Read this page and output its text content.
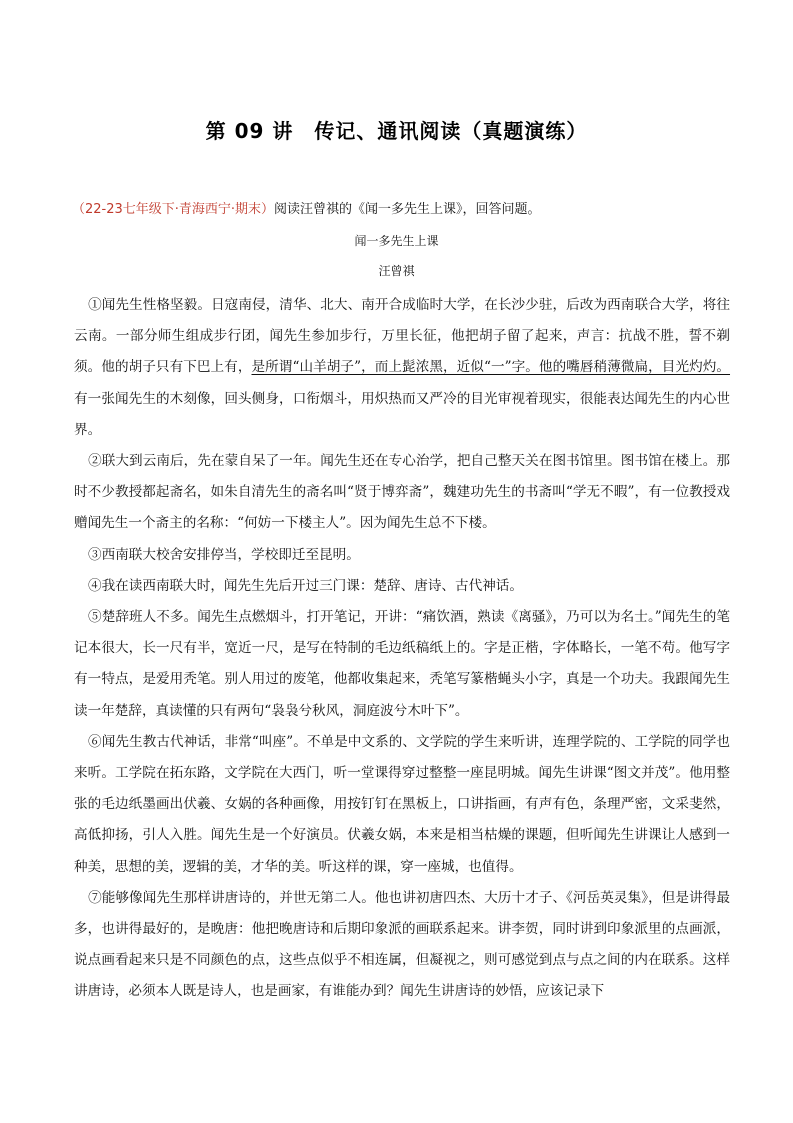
第 09 讲　传记、通讯阅读（真题演练）
（22-23七年级下·青海西宁·期末）阅读汪曾祺的《闻一多先生上课》，回答问题。
闻一多先生上课
汪曾祺

①闻先生性格坚毅。日寇南侵，清华、北大、南开合成临时大学，在长沙少驻，后改为西南联合大学，将往云南。一部分师生组成步行团，闻先生参加步行，万里长征，他把胡子留了起来，声言：抗战不胜，誓不剃须。他的胡子只有下巴上有，是所谓“山羊胡子”，而上髭浓黑，近似“一”字。他的嘴唇稍薄微扁，目光灼灼。有一张闻先生的木刻像，回头侧身，口衔烟斗，用炽热而又严冷的目光审视着现实，很能表达闻先生的内心世界。

②联大到云南后，先在蒙自呆了一年。闻先生还在专心治学，把自己整天关在图书馆里。图书馆在楼上。那时不少教授都起斋名，如朱自清先生的斋名叫“贤于博弈斋”，魏建功先生的书斋叫“学无不暇”，有一位教授戏赠闻先生一个斋主的名称：“何妨一下楼主人”。因为闻先生总不下楼。

③西南联大校舍安排停当，学校即迁至昆明。

④我在读西南联大时，闻先生先后开过三门课：楚辞、唐诗、古代神话。

⑤楚辞班人不多。闻先生点燃烟斗，打开笔记，开讲：“痛饮酒，熟读《离骚》，乃可以为名士。”闻先生的笔记本很大，长一尺有半，宽近一尺，是写在特制的毛边纸稿纸上的。字是正楷，字体略长，一笔不苟。他写字有一特点，是爱用秃笔。别人用过的废笔，他都收集起来，秃笔写篆楷蝇头小字，真是一个功夫。我跟闻先生读一年楚辞，真读懂的只有两句“袅袅兮秋风，洞庭波兮木叶下”。

⑥闻先生教古代神话，非常“叫座”。不单是中文系的、文学院的学生来听讲，连理学院的、工学院的同学也来听。工学院在拓东路，文学院在大西门，听一堂课得穿过整整一座昆明城。闻先生讲课“图文并茂”。他用整张的毛边纸墨画出伏羲、女娲的各种画像，用按钉钉在黑板上，口讲指画，有声有色，条理严密，文采斐然，高低抑扬，引人入胜。闻先生是一个好演员。伏羲女娲，本来是相当枯燥的课题，但听闻先生讲课让人感到一种美，思想的美，逻辑的美，才华的美。听这样的课，穿一座城，也值得。

⑦能够像闻先生那样讲唐诗的，并世无第二人。他也讲初唐四杰、大历十才子、《河岳英灵集》，但是讲得最多，也讲得最好的，是晚唐：他把晚唐诗和后期印象派的画联系起来。讲李贺，同时讲到印象派里的点画派，说点画看起来只是不同颜色的点，这些点似乎不相连属，但凝视之，则可感觉到点与点之间的内在联系。这样讲唐诗，必须本人既是诗人，也是画家，有谁能办到？闻先生讲唐诗的妙悟，应该记录下
